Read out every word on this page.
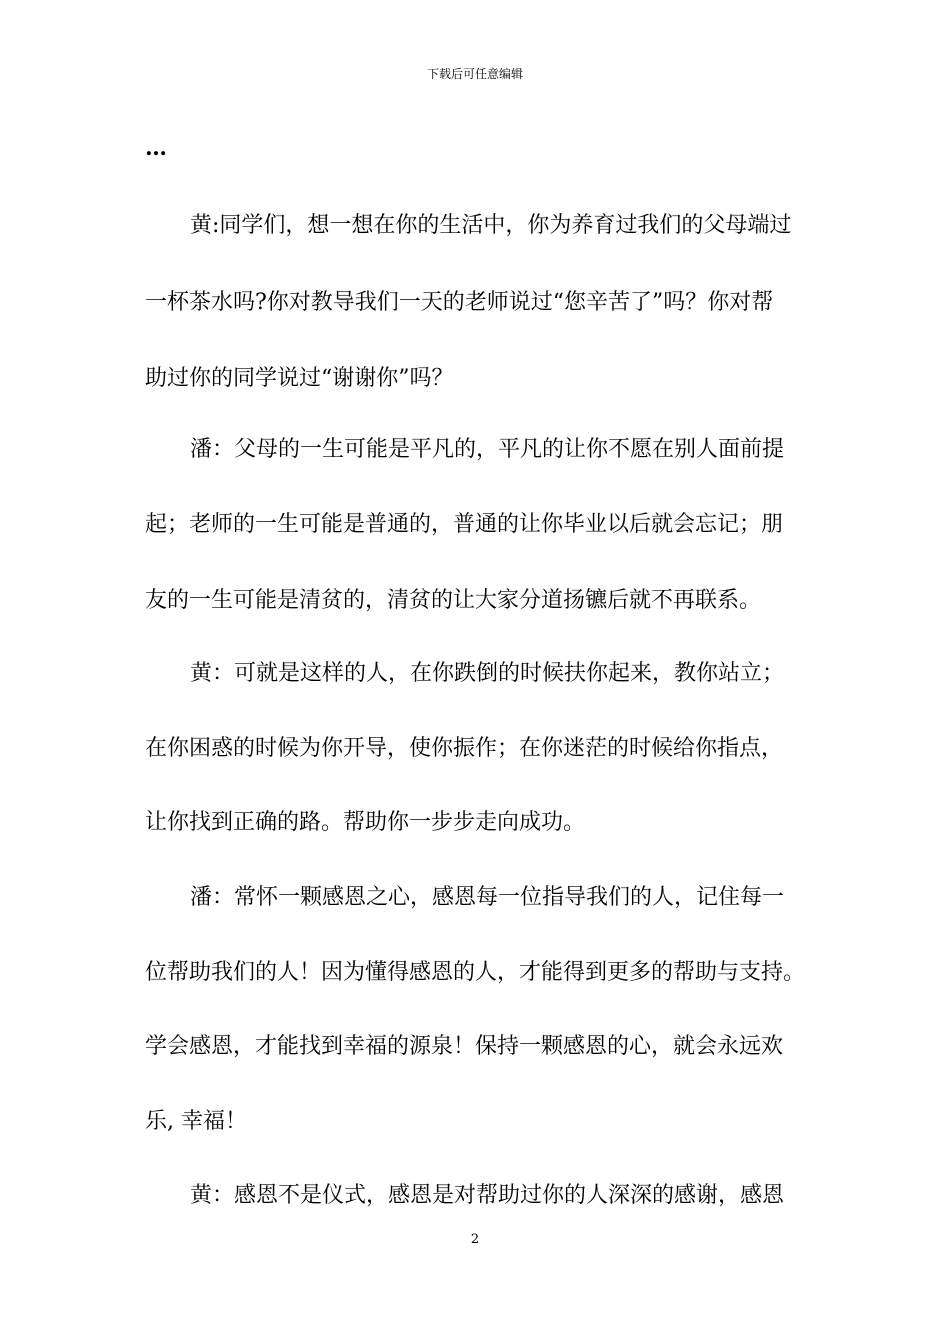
下载后可任意编辑
…
黄:同学们，想一想在你的生活中，你为养育过我们的父母端过
一杯茶水吗?你对教导我们一天的老师说过“您辛苦了”吗？你对帮
助过你的同学说过“谢谢你”吗？
潘：父母的一生可能是平凡的，平凡的让你不愿在别人面前提
起；老师的一生可能是普通的，普通的让你毕业以后就会忘记；朋
友的一生可能是清贫的，清贫的让大家分道扬镳后就不再联系。
黄：可就是这样的人，在你跌倒的时候扶你起来，教你站立；
在你困惑的时候为你开导，使你振作；在你迷茫的时候给你指点，
让你找到正确的路。帮助你一步步走向成功。
潘：常怀一颗感恩之心，感恩每一位指导我们的人，记住每一
位帮助我们的人！因为懂得感恩的人，才能得到更多的帮助与支持。
学会感恩，才能找到幸福的源泉！保持一颗感恩的心，就会永远欢
乐, 幸福！
黄：感恩不是仪式，感恩是对帮助过你的人深深的感谢，感恩
2
